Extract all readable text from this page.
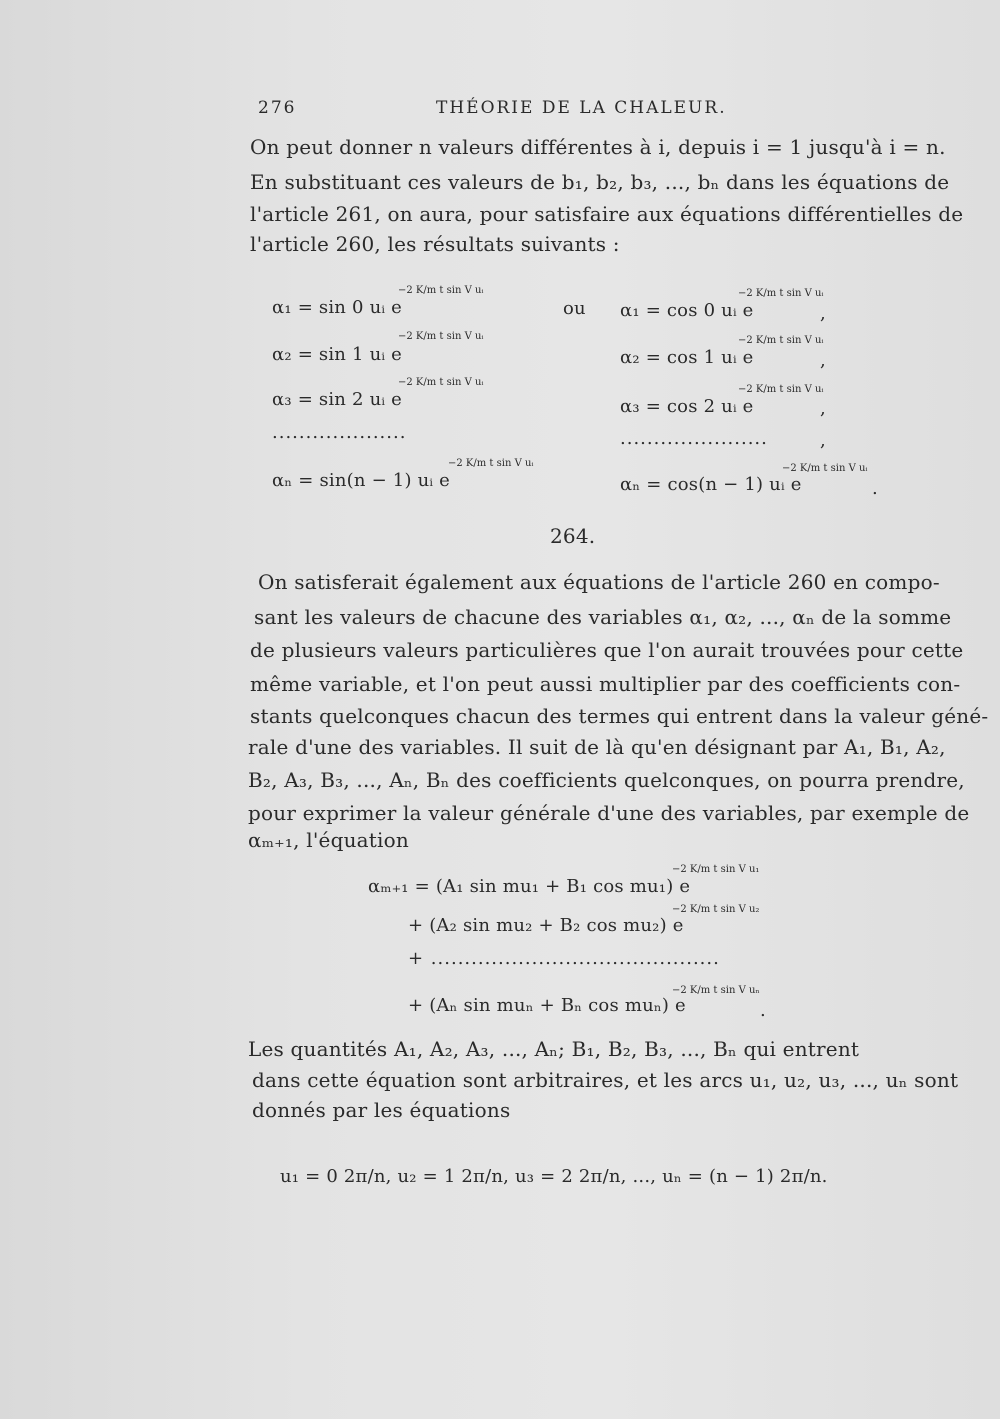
276	THÉORIE DE LA CHALEUR.
On peut donner n valeurs différentes à i, depuis i = 1 jusqu'à i = n.
En substituant ces valeurs de b₁, b₂, b₃, ..., bₙ dans les équations de
l'article 261, on aura, pour satisfaire aux équations différentielles de
l'article 260, les résultats suivants :
α₁ = sin 0 uᵢ e
−2 K/m t sin V uᵢ
α₂ = sin 1 uᵢ e
−2 K/m t sin V uᵢ
α₃ = sin 2 uᵢ e
−2 K/m t sin V uᵢ
....................
αₙ = sin(n − 1) uᵢ e
−2 K/m t sin V uᵢ
ou α₁ = cos 0 uᵢ e
−2 K/m t sin V uᵢ
,
α₂ = cos 1 uᵢ e
−2 K/m t sin V uᵢ
,
α₃ = cos 2 uᵢ e
−2 K/m t sin V uᵢ
,
......................	,
αₙ = cos(n − 1) uᵢ e
−2 K/m t sin V uᵢ
.
264.
On satisferait également aux équations de l'article 260 en compo-
sant les valeurs de chacune des variables α₁, α₂, ..., αₙ de la somme
de plusieurs valeurs particulières que l'on aurait trouvées pour cette
même variable, et l'on peut aussi multiplier par des coefficients con-
stants quelconques chacun des termes qui entrent dans la valeur géné-
rale d'une des variables. Il suit de là qu'en désignant par A₁, B₁, A₂,
B₂, A₃, B₃, ..., Aₙ, Bₙ des coefficients quelconques, on pourra prendre,
pour exprimer la valeur générale d'une des variables, par exemple de
αₘ₊₁, l'équation
αₘ₊₁ = (A₁ sin mu₁ + B₁ cos mu₁) e
−2 K/m t sin V u₁
+ (A₂ sin mu₂ + B₂ cos mu₂) e
−2 K/m t sin V u₂
+ ...........................................
+ (Aₙ sin muₙ + Bₙ cos muₙ) e
−2 K/m t sin V uₙ
.
Les quantités A₁, A₂, A₃, ..., Aₙ; B₁, B₂, B₃, ..., Bₙ qui entrent
dans cette équation sont arbitraires, et les arcs u₁, u₂, u₃, ..., uₙ sont
donnés par les équations
u₁ = 0 2π/n, u₂ = 1 2π/n, u₃ = 2 2π/n, ..., uₙ = (n − 1) 2π/n.
